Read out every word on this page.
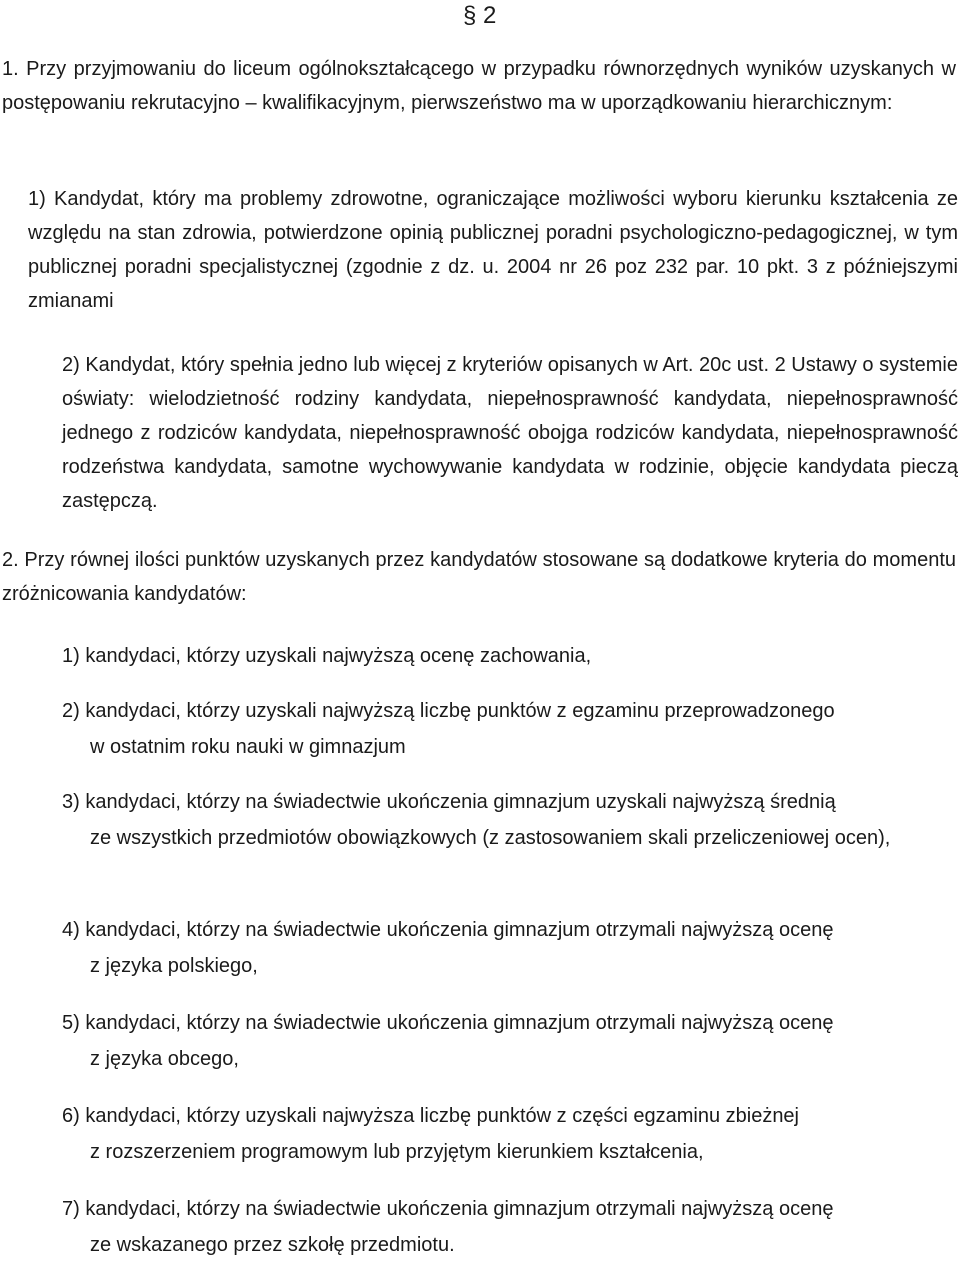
§ 2

1. Przy przyjmowaniu do liceum ogólnokształcącego w przypadku równorzędnych wyników uzyskanych w postępowaniu rekrutacyjno – kwalifikacyjnym, pierwszeństwo ma w uporządkowaniu hierarchicznym:

1) Kandydat, który ma problemy zdrowotne, ograniczające możliwości wyboru kierunku kształcenia ze względu na stan zdrowia, potwierdzone opinią publicznej poradni psychologiczno-pedagogicznej, w tym publicznej poradni specjalistycznej (zgodnie z dz. u. 2004 nr 26 poz 232 par. 10 pkt. 3 z późniejszymi zmianami

2) Kandydat, który spełnia jedno lub więcej z kryteriów opisanych w Art. 20c ust. 2 Ustawy o systemie oświaty: wielodzietność rodziny kandydata, niepełnosprawność kandydata, niepełnosprawność jednego z rodziców kandydata, niepełnosprawność obojga rodziców kandydata, niepełnosprawność rodzeństwa kandydata, samotne wychowywanie kandydata w rodzinie, objęcie kandydata pieczą zastępczą.

2. Przy równej ilości punktów uzyskanych przez kandydatów stosowane są dodatkowe kryteria do momentu zróżnicowania kandydatów:

1) kandydaci, którzy uzyskali najwyższą ocenę zachowania,
2) kandydaci, którzy uzyskali najwyższą liczbę punktów z egzaminu przeprowadzonego
w ostatnim roku nauki w gimnazjum
3) kandydaci, którzy na świadectwie ukończenia gimnazjum uzyskali najwyższą średnią
ze wszystkich przedmiotów obowiązkowych (z zastosowaniem skali przeliczeniowej ocen),
4) kandydaci, którzy na świadectwie ukończenia gimnazjum otrzymali najwyższą ocenę
z języka polskiego,
5) kandydaci, którzy na świadectwie ukończenia gimnazjum otrzymali najwyższą ocenę
z języka obcego,
6) kandydaci, którzy uzyskali najwyższa liczbę punktów z części egzaminu zbieżnej
z rozszerzeniem programowym lub przyjętym kierunkiem kształcenia,
7) kandydaci, którzy na świadectwie ukończenia gimnazjum otrzymali najwyższą ocenę
ze wskazanego przez szkołę przedmiotu.
